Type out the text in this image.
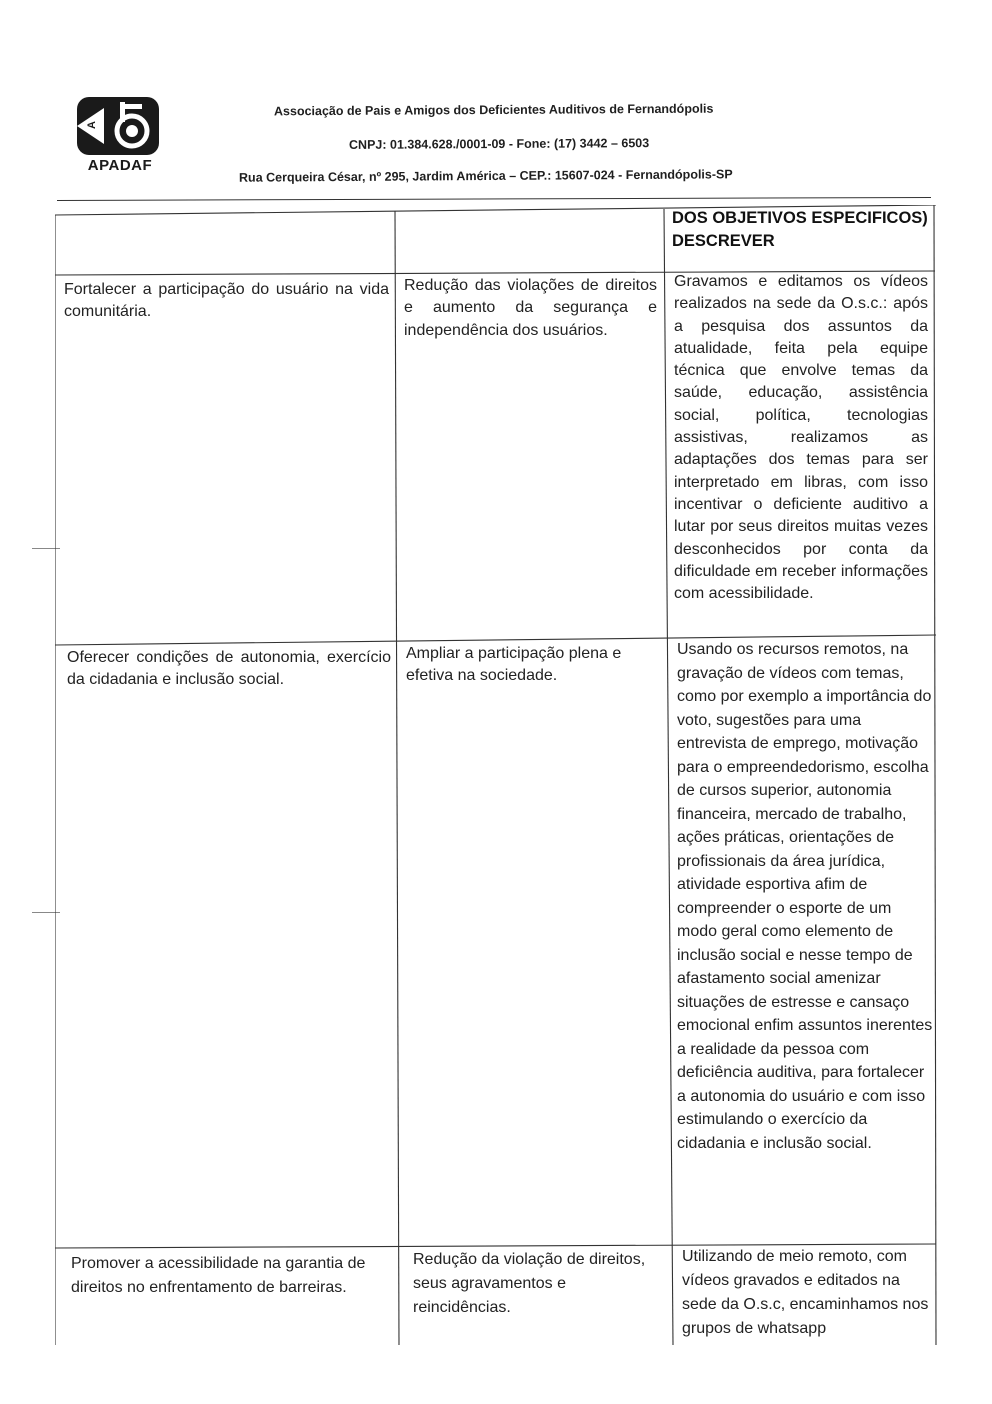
A
APADAF
Associação de Pais e Amigos dos Deficientes Auditivos de Fernandópolis
CNPJ: 01.384.628./0001-09 - Fone: (17) 3442 – 6503
Rua Cerqueira César, nº 295, Jardim América – CEP.: 15607-024 - Fernandópolis-SP
DOS OBJETIVOS ESPECIFICOS) DESCREVER
Fortalecer a participação do usuário na vida comunitária.
Redução das violações de direitos e aumento da segurança e independência dos usuários.
Gravamos e editamos os vídeos realizados na sede da O.s.c.: após a pesquisa dos assuntos da atualidade, feita pela equipe técnica que envolve temas da saúde, educação, assistência social, política, tecnologias assistivas, realizamos as adaptações dos temas para ser interpretado em libras, com isso incentivar o deficiente auditivo a lutar por seus direitos muitas vezes desconhecidos por conta da dificuldade em receber informações com acessibilidade.
Oferecer condições de autonomia, exercício da cidadania e inclusão social.
Ampliar a participação plena e efetiva na sociedade.
Usando os recursos remotos, na gravação de vídeos com temas, como por exemplo a importância do voto, sugestões para uma entrevista de emprego, motivação para o empreendedorismo, escolha de cursos superior, autonomia financeira, mercado de trabalho, ações práticas, orientações de profissionais da área jurídica, atividade esportiva afim de compreender o esporte de um modo geral como elemento de inclusão social e nesse tempo de afastamento social amenizar situações de estresse e cansaço emocional enfim assuntos inerentes a realidade da pessoa com deficiência auditiva, para fortalecer a autonomia do usuário e com isso estimulando o exercício da cidadania e inclusão social.
Promover a acessibilidade na garantia de direitos no enfrentamento de barreiras.
Redução da violação de direitos, seus agravamentos e reincidências.
Utilizando de meio remoto, com vídeos gravados e editados na sede da O.s.c, encaminhamos nos grupos de whatsapp
